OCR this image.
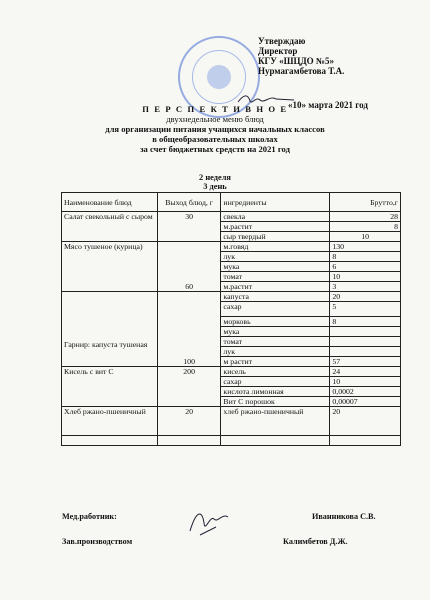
Утверждаю
Директор
КГУ «ШЦДО №5»
Нурмагамбетова Т.А.
«10» марта 2021 год
П Е Р С П Е К Т И В Н О Е
двухнедельное меню блюд
для организации питания учащихся начальных классов
в общеобразовательных школах
за счет бюджетных средств на 2021 год
2 неделя
3 день
Наименование блюд	Выход блюд, г	ингредиенты	Брутто,г
Салат свекольный с сыром	30	свекла	28
		м.растит	8
		сыр твердый	10
Мясо тушеное (курица)	60	м.говяд	130
		лук	8
		мука	6
		томат	10
		м.растит	3
Гарнир: капуста тушеная	100	капуста	20
		сахар	5
		морковь	8
		мука	
		томат	
		лук	
		м растит	57
Кисель с вит С	200	кисель	24
		сахар	10
		кислота лимонная	0,0002
		Вит С порошок	0,00007
Хлеб ржано-пшеничный	20	хлеб ржано-пшеничный	20

Мед.работник:	Иванникова С.В.
Зав.производством	Калимбетов Д.Ж.
